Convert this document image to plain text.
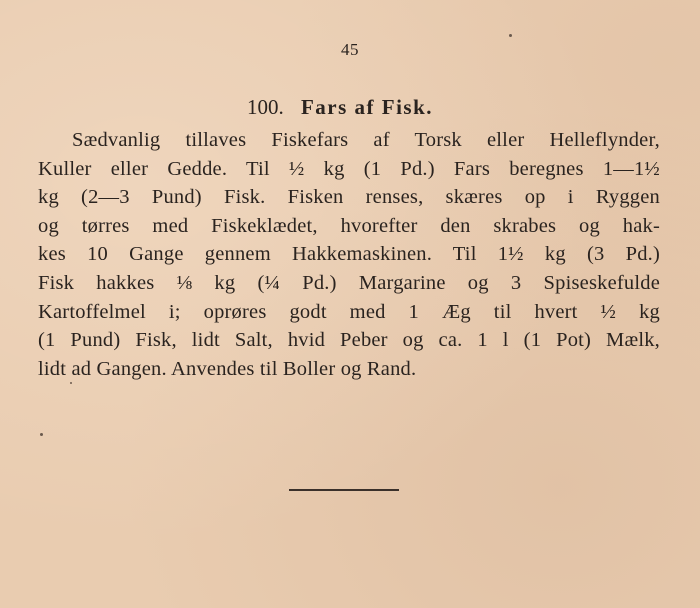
45
100. Fars af Fisk.
Sædvanlig tillaves Fiskefars af Torsk eller Helleflynder,
Kuller eller Gedde. Til ½ kg (1 Pd.) Fars beregnes 1—1½
kg (2—3 Pund) Fisk. Fisken renses, skæres op i Ryggen
og tørres med Fiskeklædet, hvorefter den skrabes og hak-
kes 10 Gange gennem Hakkemaskinen. Til 1½ kg (3 Pd.)
Fisk hakkes ⅛ kg (¼ Pd.) Margarine og 3 Spiseskefulde
Kartoffelmel i; oprøres godt med 1 Æg til hvert ½ kg
(1 Pund) Fisk, lidt Salt, hvid Peber og ca. 1 l (1 Pot) Mælk,
lidt ad Gangen. Anvendes til Boller og Rand.
